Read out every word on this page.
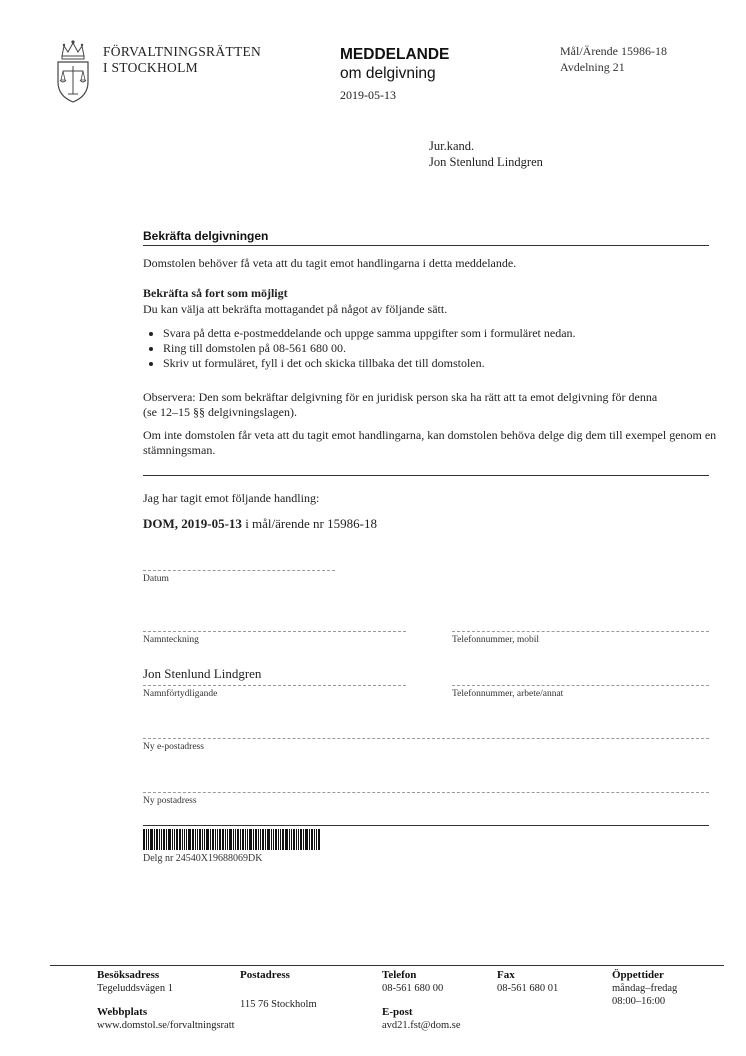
FÖRVALTNINGSRÄTTEN
I STOCKHOLM
MEDDELANDE
om delgivning
2019-05-13
Mål/Ärende 15986-18
Avdelning 21
Jur.kand.
Jon Stenlund Lindgren
Bekräfta delgivningen
Domstolen behöver få veta att du tagit emot handlingarna i detta meddelande.
Bekräfta så fort som möjligt
Du kan välja att bekräfta mottagandet på något av följande sätt.
• Svara på detta e-postmeddelande och uppge samma uppgifter som i formuläret nedan.
• Ring till domstolen på 08-561 680 00.
• Skriv ut formuläret, fyll i det och skicka tillbaka det till domstolen.
Observera: Den som bekräftar delgivning för en juridisk person ska ha rätt att ta emot delgivning för denna (se 12–15 §§ delgivningslagen).
Om inte domstolen får veta att du tagit emot handlingarna, kan domstolen behöva delge dig dem till exempel genom en stämningsman.
Jag har tagit emot följande handling:
DOM, 2019-05-13 i mål/ärende nr 15986-18
Datum
Namnteckning	Telefonnummer, mobil
Jon Stenlund Lindgren
Namnförtydligande	Telefonnummer, arbete/annat
Ny e-postadress
Ny postadress
Delg nr 24540X19688069DK
Besöksadress
Tegeluddsvägen 1
Postadress
115 76 Stockholm
Webbplats
www.domstol.se/forvaltningsratt
Telefon
08-561 680 00
E-post
avd21.fst@dom.se
Fax
08-561 680 01
Öppettider
måndag–fredag
08:00–16:00
